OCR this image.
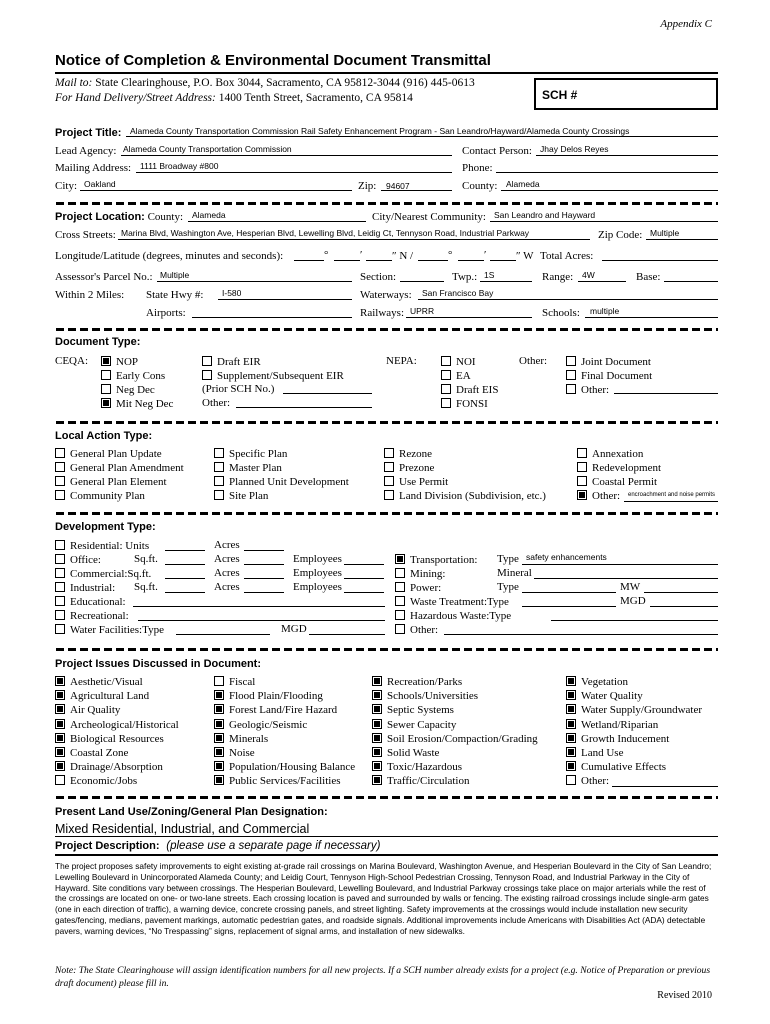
Appendix C
Notice of Completion & Environmental Document Transmittal
Mail to: State Clearinghouse, P.O. Box 3044, Sacramento, CA 95812-3044 (916) 445-0613
For Hand Delivery/Street Address: 1400 Tenth Street, Sacramento, CA 95814	SCH #
Project Title: Alameda County Transportation Commission Rail Safety Enhancement Program - San Leandro/Hayward/Alameda County Crossings
Lead Agency: Alameda County Transportation Commission	Contact Person: Jhay Delos Reyes
Mailing Address: 1111 Broadway #800	Phone:
City: Oakland	Zip: 94607	County: Alameda
Project Location: County: Alameda	City/Nearest Community: San Leandro and Hayward
Cross Streets: Marina Blvd, Washington Ave, Hesperian Blvd, Lewelling Blvd, Leidig Ct, Tennyson Road, Industrial Parkway	Zip Code: Multiple
Longitude/Latitude (degrees, minutes and seconds):	°	′	″ N /	°	′	″ W Total Acres:
Assessor's Parcel No.: Multiple	Section:	Twp.: 1S	Range: 4W	Base:
Within 2 Miles: State Hwy #: I-580	Waterways: San Francisco Bay
Airports:	Railways: UPRR	Schools: multiple
Document Type:
CEQA:	NOP
Early Cons
Neg Dec
Mit Neg Dec
Draft EIR
Supplement/Subsequent EIR
(Prior SCH No.)
Other:
NEPA:	NOI
EA
Draft EIS
FONSI
Other:	Joint Document
Final Document
Other:
Local Action Type:
General Plan Update
General Plan Amendment
General Plan Element
Community Plan
Specific Plan
Master Plan
Planned Unit Development
Site Plan
Rezone
Prezone
Use Permit
Land Division (Subdivision, etc.)
Annexation
Redevelopment
Coastal Permit
Other: encroachment and noise permits
Development Type:
Residential: Units	Acres
Office:	Sq.ft.	Acres	Employees
Commercial:Sq.ft.	Acres	Employees
Industrial: Sq.ft.	Acres	Employees
Educational:
Recreational:
Water Facilities:Type	MGD
Transportation: Type safety enhancements
Mining:	Mineral
Power:	Type	MW
Waste Treatment:Type	MGD
Hazardous Waste:Type
Other:
Project Issues Discussed in Document:
Aesthetic/Visual
Agricultural Land
Air Quality
Archeological/Historical
Biological Resources
Coastal Zone
Drainage/Absorption
Economic/Jobs
Fiscal
Flood Plain/Flooding
Forest Land/Fire Hazard
Geologic/Seismic
Minerals
Noise
Population/Housing Balance
Public Services/Facilities
Recreation/Parks
Schools/Universities
Septic Systems
Sewer Capacity
Soil Erosion/Compaction/Grading
Solid Waste
Toxic/Hazardous
Traffic/Circulation
Vegetation
Water Quality
Water Supply/Groundwater
Wetland/Riparian
Growth Inducement
Land Use
Cumulative Effects
Other:
Present Land Use/Zoning/General Plan Designation:
Mixed Residential, Industrial, and Commercial
Project Description: (please use a separate page if necessary)
The project proposes safety improvements to eight existing at-grade rail crossings on Marina Boulevard, Washington Avenue, and Hesperian Boulevard in the City of San Leandro; Lewelling Boulevard in Unincorporated Alameda County; and Leidig Court, Tennyson High-School Pedestrian Crossing, Tennyson Road, and Industrial Parkway in the City of Hayward. Site conditions vary between crossings. The Hesperian Boulevard, Lewelling Boulevard, and Industrial Parkway crossings take place on major arterials while the rest of the crossings are located on one- or two-lane streets. Each crossing location is paved and surrounded by walls or fencing. The existing railroad crossings include single-arm gates (one in each direction of traffic), a warning device, concrete crossing panels, and street lighting. Safety improvements at the crossings would include installation new security gates/fencing, medians, pavement markings, automatic pedestrian gates, and roadside signals. Additional improvements include Americans with Disabilities Act (ADA) detectable pavers, warning devices, “No Trespassing” signs, replacement of signal arms, and installation of new sidewalks.
Note: The State Clearinghouse will assign identification numbers for all new projects. If a SCH number already exists for a project (e.g. Notice of Preparation or previous draft document) please fill in.
Revised 2010
